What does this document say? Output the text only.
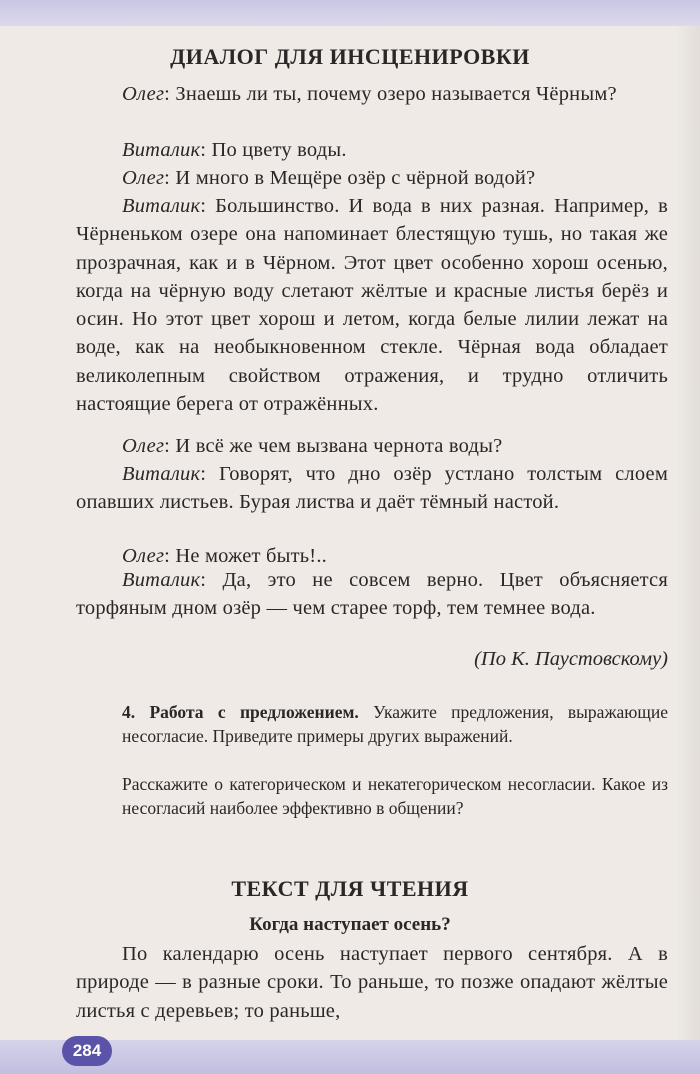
ДИАЛОГ ДЛЯ ИНСЦЕНИРОВКИ

Олег: Знаешь ли ты, почему озеро называется Чёрным?

Виталик: По цвету воды.

Олег: И много в Мещёре озёр с чёрной водой?

Виталик: Большинство. И вода в них разная. Например, в Чёрненьком озере она напоминает блестящую тушь, но такая же прозрачная, как и в Чёрном. Этот цвет особенно хорош осенью, когда на чёрную воду слетают жёлтые и красные листья берёз и осин. Но этот цвет хорош и летом, когда белые лилии лежат на воде, как на необыкновенном стекле. Чёрная вода обладает великолепным свойством отражения, и трудно отличить настоящие берега от отражённых.

Олег: И всё же чем вызвана чернота воды?

Виталик: Говорят, что дно озёр устлано толстым слоем опавших листьев. Бурая листва и даёт тёмный настой.

Олег: Не может быть!..

Виталик: Да, это не совсем верно. Цвет объясняется торфяным дном озёр — чем старее торф, тем темнее вода.

(По К. Паустовскому)

4. Работа с предложением. Укажите предложения, выражающие несогласие. Приведите примеры других выражений.

Расскажите о категорическом и некатегорическом несогласии. Какое из несогласий наиболее эффективно в общении?

ТЕКСТ ДЛЯ ЧТЕНИЯ
Когда наступает осень?

По календарю осень наступает первого сентября. А в природе — в разные сроки. То раньше, то позже опадают жёлтые листья с деревьев; то раньше,

284
